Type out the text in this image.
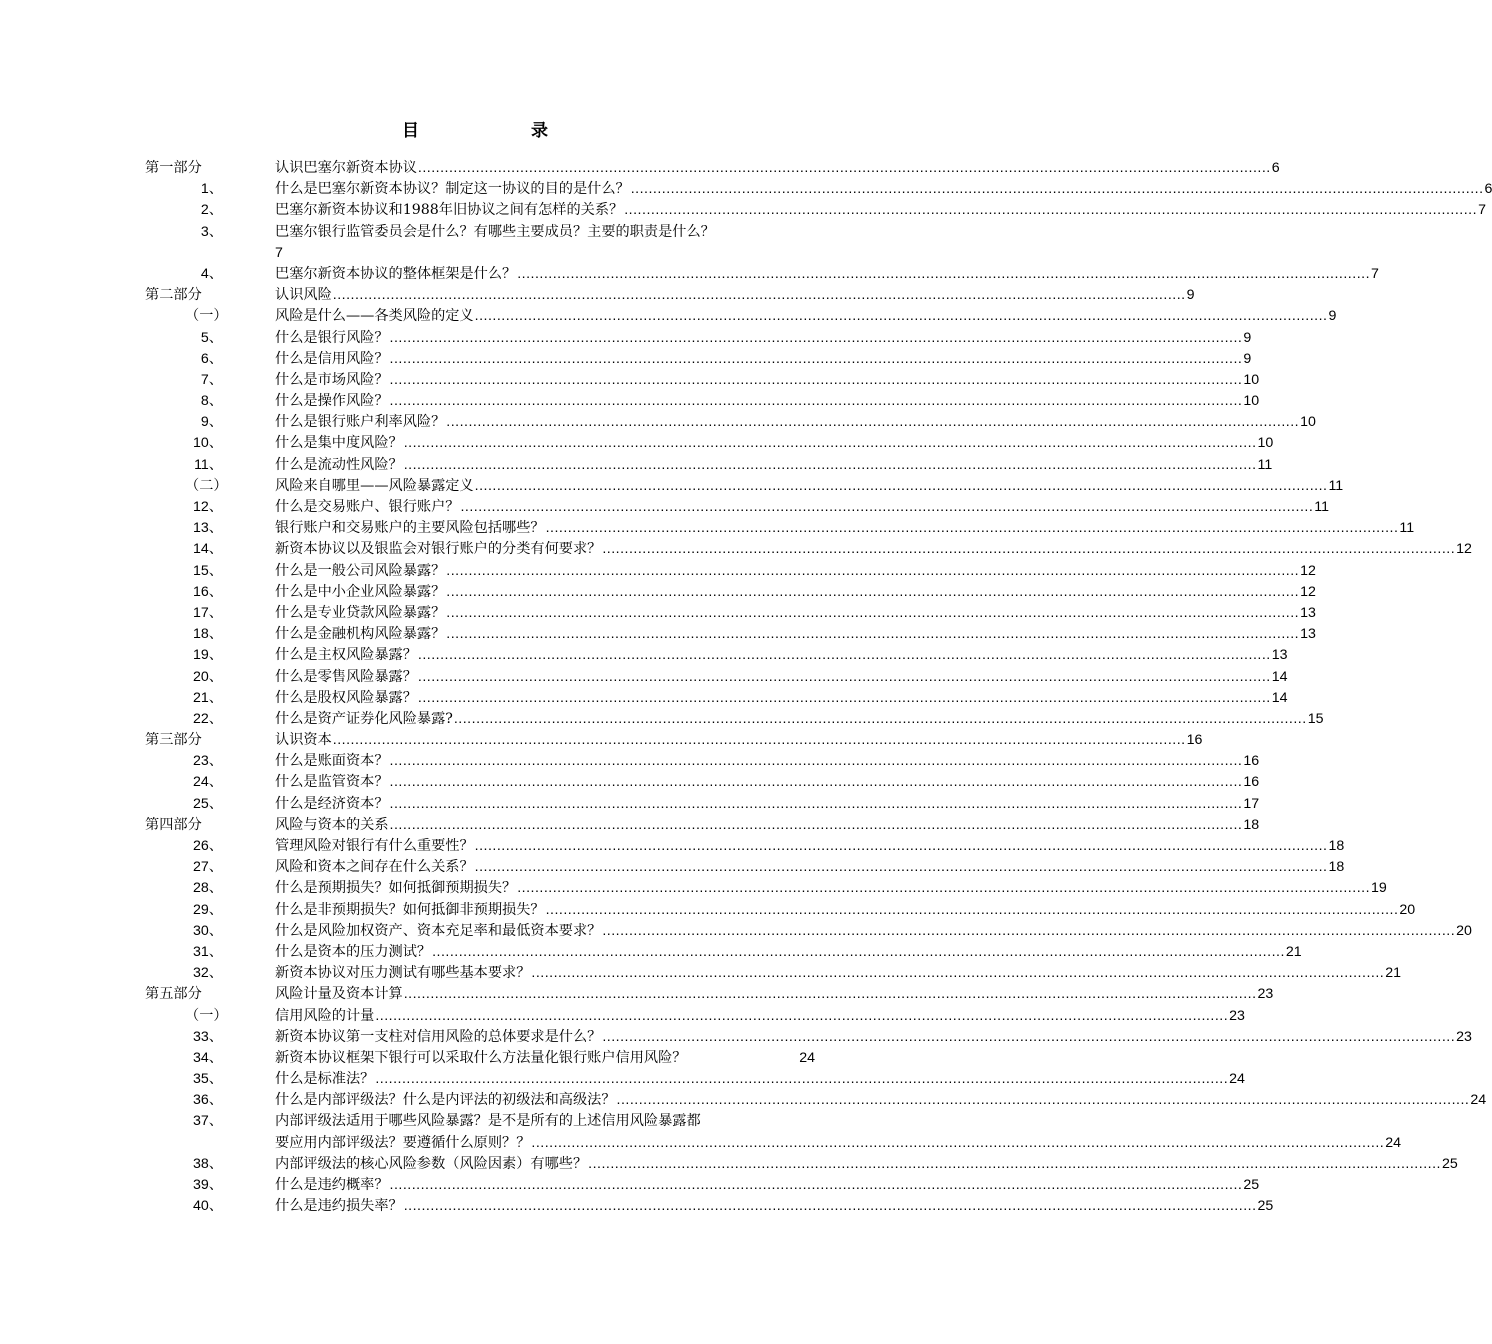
目　　录
第一部分	认识巴塞尔新资本协议 .....	6
1、	什么是巴塞尔新资本协议？制定这一协议的目的是什么？ .....	6
2、	巴塞尔新资本协议和1988年旧协议之间有怎样的关系？ .....	7
3、	巴塞尔银行监管委员会是什么？有哪些主要成员？主要的职责是什么？
7
4、	巴塞尔新资本协议的整体框架是什么？ .....	7
第二部分	认识风险 .....	9
（一）	风险是什么——各类风险的定义 .....	9
5、	什么是银行风险？ .....	9
6、	什么是信用风险？ .....	9
7、	什么是市场风险？ .....	10
8、	什么是操作风险？ .....	10
9、	什么是银行账户利率风险？ .....	10
10、	什么是集中度风险？ .....	10
11、	什么是流动性风险？ .....	11
（二）	风险来自哪里——风险暴露定义 .....	11
12、	什么是交易账户、银行账户？ .....	11
13、	银行账户和交易账户的主要风险包括哪些？ .....	11
14、	新资本协议以及银监会对银行账户的分类有何要求？ .....	12
15、	什么是一般公司风险暴露？ .....	12
16、	什么是中小企业风险暴露？ .....	12
17、	什么是专业贷款风险暴露？ .....	13
18、	什么是金融机构风险暴露？ .....	13
19、	什么是主权风险暴露？ .....	13
20、	什么是零售风险暴露？ .....	14
21、	什么是股权风险暴露？ .....	14
22、	什么是资产证券化风险暴露? .....	15
第三部分	认识资本 .....	16
23、	什么是账面资本？ .....	16
24、	什么是监管资本？ .....	16
25、	什么是经济资本？ .....	17
第四部分	风险与资本的关系 .....	18
26、	管理风险对银行有什么重要性？ .....	18
27、	风险和资本之间存在什么关系？ .....	18
28、	什么是预期损失？如何抵御预期损失？ .....	19
29、	什么是非预期损失？如何抵御非预期损失？ .....	20
30、	什么是风险加权资产、资本充足率和最低资本要求？ .....	20
31、	什么是资本的压力测试？ .....	21
32、	新资本协议对压力测试有哪些基本要求？ .....	21
第五部分	风险计量及资本计算 .....	23
（一）	信用风险的计量 .....	23
33、	新资本协议第一支柱对信用风险的总体要求是什么？ .....	23
34、	新资本协议框架下银行可以采取什么方法量化银行账户信用风险？	24
35、	什么是标准法？ .....	24
36、	什么是内部评级法？什么是内评法的初级法和高级法？ .....	24
37、	内部评级法适用于哪些风险暴露？是不是所有的上述信用风险暴露都
要应用内部评级法？要遵循什么原则？？ .....	24
38、	内部评级法的核心风险参数（风险因素）有哪些？ .....	25
39、	什么是违约概率？ .....	25
40、	什么是违约损失率？ .....	25
